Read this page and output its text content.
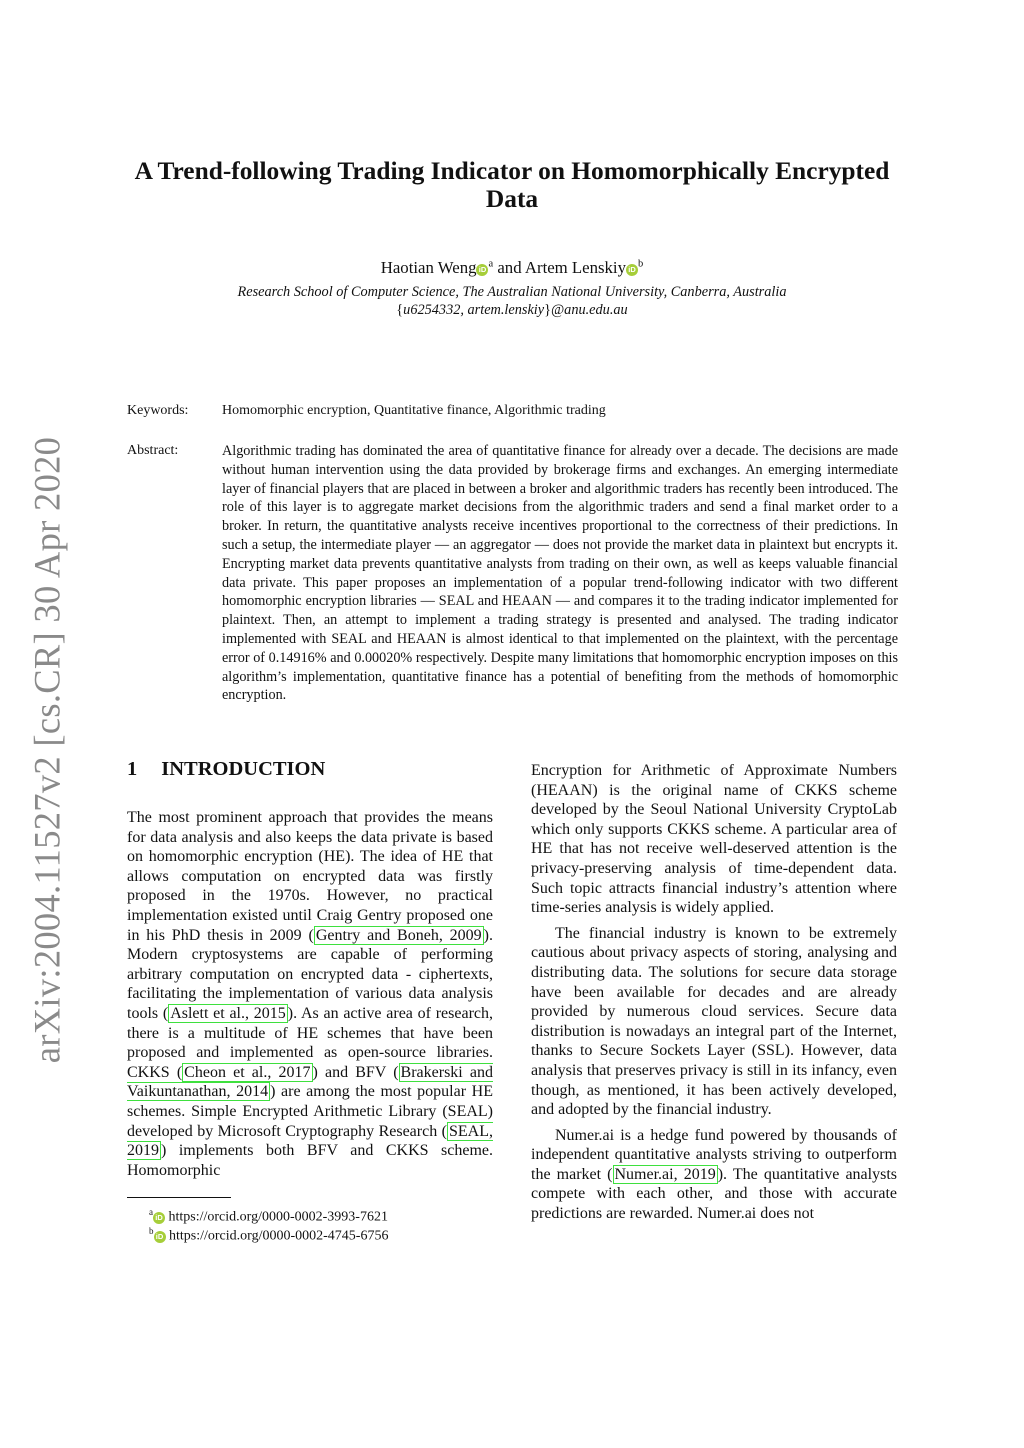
arXiv:2004.11527v2 [cs.CR] 30 Apr 2020
A Trend-following Trading Indicator on Homomorphically Encrypted Data
Haotian Weng $iD^a$ and Artem Lenskiy $iD^b$
Research School of Computer Science, The Australian National University, Canberra, Australia
{u6254332, artem.lenskiy}@anu.edu.au
Keywords: Homomorphic encryption, Quantitative finance, Algorithmic trading
Abstract:	Algorithmic trading has dominated the area of quantitative finance for already over a decade. The decisions are made without human intervention using the data provided by brokerage firms and exchanges. An emerging intermediate layer of financial players that are placed in between a broker and algorithmic traders has recently been introduced. The role of this layer is to aggregate market decisions from the algorithmic traders and send a final market order to a broker. In return, the quantitative analysts receive incentives proportional to the correctness of their predictions. In such a setup, the intermediate player — an aggregator — does not provide the market data in plaintext but encrypts it. Encrypting market data prevents quantitative analysts from trading on their own, as well as keeps valuable financial data private. This paper proposes an implementation of a popular trend-following indicator with two different homomorphic encryption libraries — SEAL and HEAAN — and compares it to the trading indicator implemented for plaintext. Then, an attempt to implement a trading strategy is presented and analysed. The trading indicator implemented with SEAL and HEAAN is almost identical to that implemented on the plaintext, with the percentage error of 0.14916% and 0.00020% respectively. Despite many limitations that homomorphic encryption imposes on this algorithm’s implementation, quantitative finance has a potential of benefiting from the methods of homomorphic encryption.
1 INTRODUCTION

The most prominent approach that provides the means for data analysis and also keeps the data private is based on homomorphic encryption (HE). The idea of HE that allows computation on encrypted data was firstly proposed in the 1970s. However, no practical implementation existed until Craig Gentry proposed one in his PhD thesis in 2009 ( Gentry and Boneh, 2009 ). Modern cryptosystems are capable of performing arbitrary computation on encrypted data - ciphertexts, facilitating the implementation of various data analysis tools ( Aslett et al., 2015 ). As an active area of research, there is a multitude of HE schemes that have been proposed and implemented as open-source libraries. CKKS ( Cheon et al., 2017 ) and BFV ( Brakerski and Vaikuntanathan, 2014 ) are among the most popular HE schemes. Simple Encrypted Arithmetic Library (SEAL) developed by Microsoft Cryptography Research ( SEAL, 2019 ) implements both BFV and CKKS scheme. Homomorphic

$^a$iD https://orcid.org/0000-0002-3993-7621
$^b$iD https://orcid.org/0000-0002-4745-6756

Encryption for Arithmetic of Approximate Numbers (HEAAN) is the original name of CKKS scheme developed by the Seoul National University CryptoLab which only supports CKKS scheme. A particular area of HE that has not receive well-deserved attention is the privacy-preserving analysis of time-dependent data. Such topic attracts financial industry’s attention where time-series analysis is widely applied.

The financial industry is known to be extremely cautious about privacy aspects of storing, analysing and distributing data. The solutions for secure data storage have been available for decades and are already provided by numerous cloud services. Secure data distribution is nowadays an integral part of the Internet, thanks to Secure Sockets Layer (SSL). However, data analysis that preserves privacy is still in its infancy, even though, as mentioned, it has been actively developed, and adopted by the financial industry.

Numer.ai is a hedge fund powered by thousands of independent quantitative analysts striving to outperform the market ( Numer.ai, 2019 ). The quantitative analysts compete with each other, and those with accurate predictions are rewarded. Numer.ai does not
